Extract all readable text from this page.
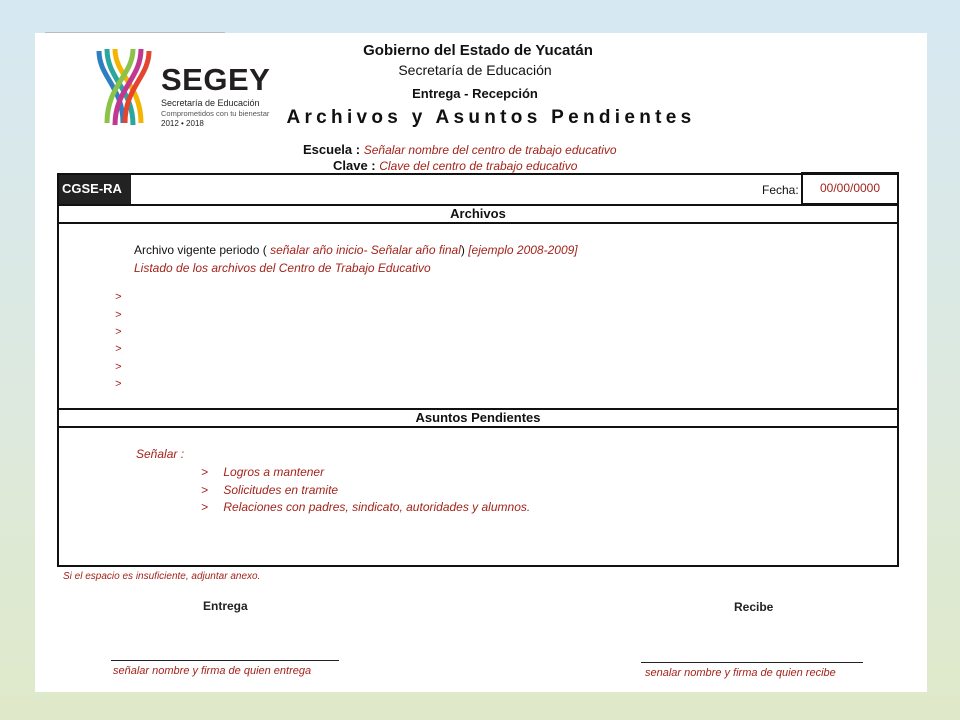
SEGEY
Secretaría de Educación
Comprometidos con tu bienestar
2012 • 2018
Gobierno del Estado de Yucatán
Secretaría de Educación
Entrega - Recepción
Archivos y Asuntos Pendientes
Escuela : Señalar nombre del centro de trabajo educativo
Clave : Clave del centro de trabajo educativo
CGSE-RA	Fecha:	00/00/0000
Archivos
Archivo vigente periodo ( señalar año inicio- Señalar año final) [ejemplo 2008-2009]
Listado de los archivos del Centro de Trabajo Educativo
>
>
>
>
>
>
Asuntos Pendientes
Señalar :
> Logros a mantener
> Solicitudes en tramite
> Relaciones con padres, sindicato, autoridades y alumnos.
Si el espacio es insuficiente, adjuntar anexo.
Entrega	Recibe
señalar nombre y firma de quien entrega	senalar nombre y firma de quien recibe
